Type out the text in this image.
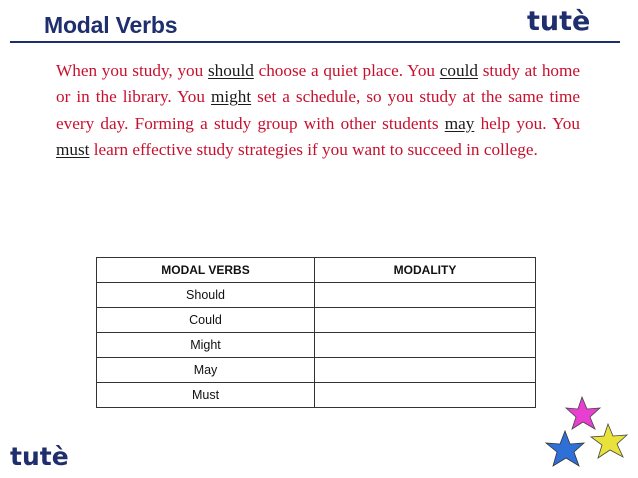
Modal Verbs	tutè

When you study, you should choose a quiet place. You could study at home or in the library. You might set a schedule, so you study at the same time every day. Forming a study group with other students may help you. You must learn effective study strategies if you want to succeed in college.

MODAL VERBS	MODALITY
Should	
Could	
Might	
May	
Must	
tutè
